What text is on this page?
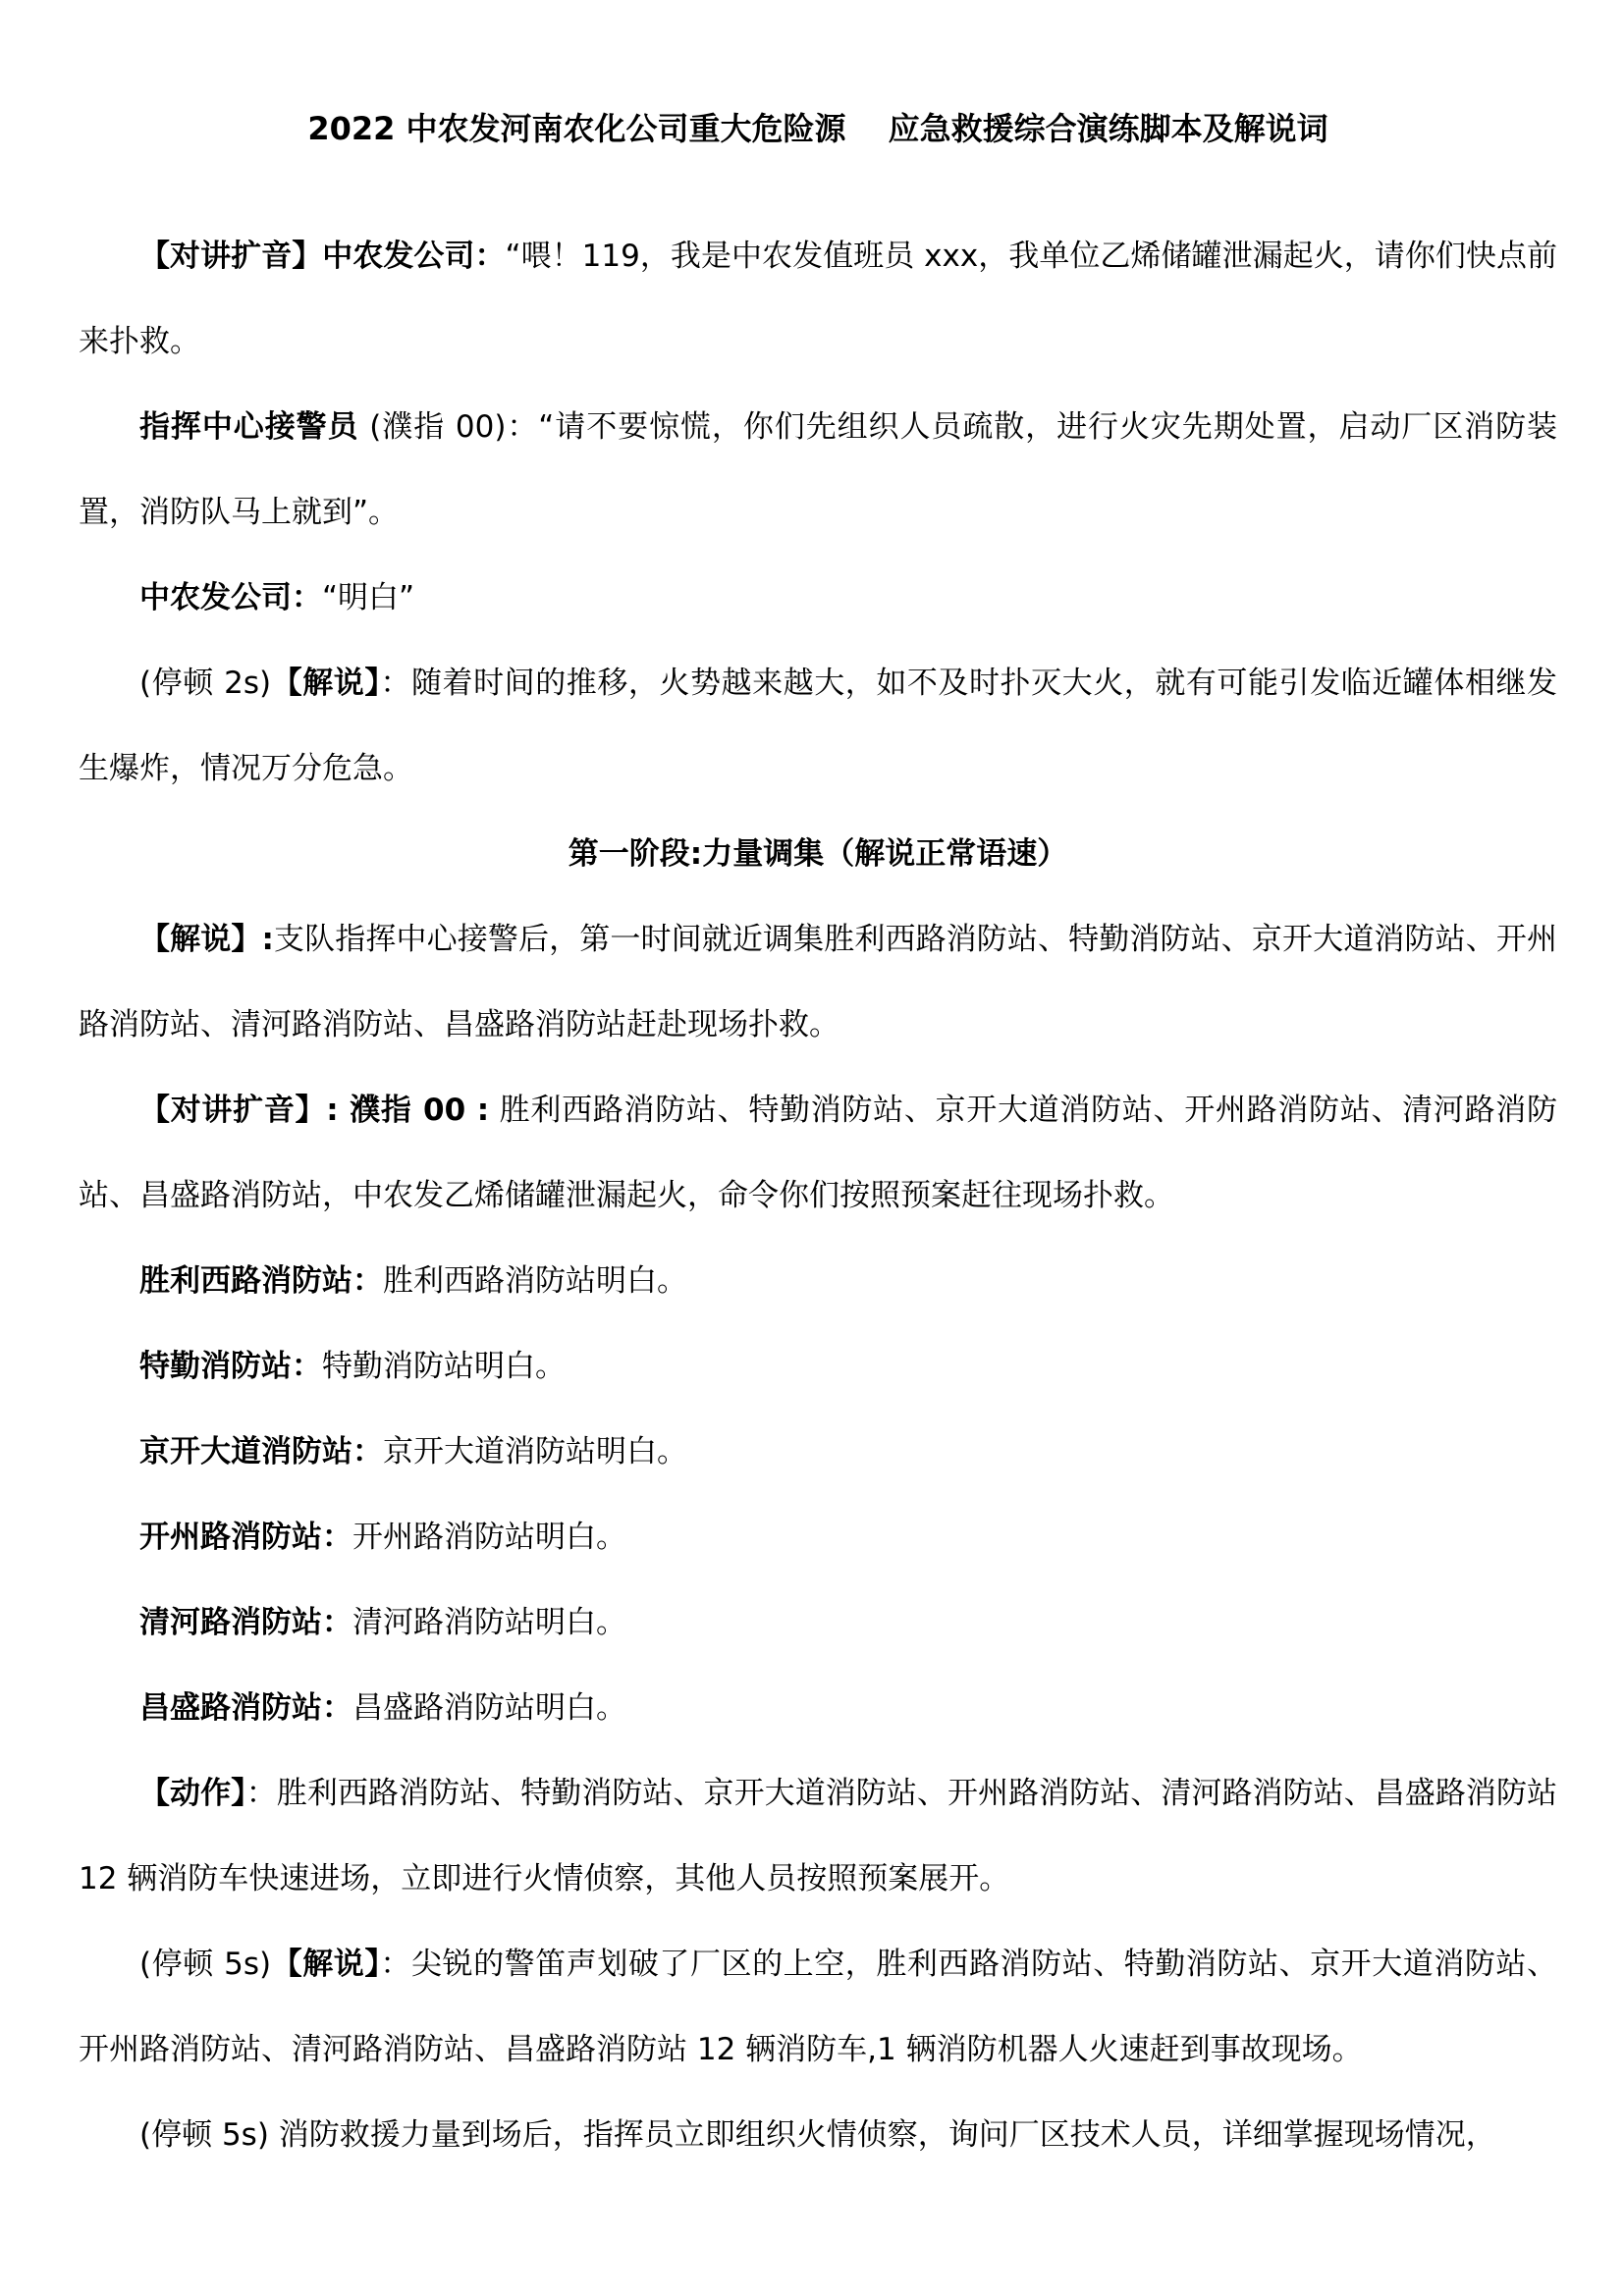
2022 中农发河南农化公司重大危险源　 应急救援综合演练脚本及解说词

【对讲扩音】中农发公司：“喂！119，我是中农发值班员 xxx，我单位乙烯储罐泄漏起火，请你们快点前来扑救。

指挥中心接警员 (濮指 00)：“请不要惊慌，你们先组织人员疏散，进行火灾先期处置，启动厂区消防装置，消防队马上就到”。

中农发公司：“明白”

(停顿 2s)【解说】：随着时间的推移，火势越来越大，如不及时扑灭大火，就有可能引发临近罐体相继发生爆炸，情况万分危急。

第一阶段:力量调集（解说正常语速）

【解说】:支队指挥中心接警后，第一时间就近调集胜利西路消防站、特勤消防站、京开大道消防站、开州路消防站、清河路消防站、昌盛路消防站赶赴现场扑救。

【对讲扩音】: 濮指 00 : 胜利西路消防站、特勤消防站、京开大道消防站、开州路消防站、清河路消防站、昌盛路消防站，中农发乙烯储罐泄漏起火，命令你们按照预案赶往现场扑救。

胜利西路消防站：胜利西路消防站明白。

特勤消防站：特勤消防站明白。

京开大道消防站：京开大道消防站明白。

开州路消防站：开州路消防站明白。

清河路消防站：清河路消防站明白。

昌盛路消防站：昌盛路消防站明白。

【动作】：胜利西路消防站、特勤消防站、京开大道消防站、开州路消防站、清河路消防站、昌盛路消防站 12 辆消防车快速进场，立即进行火情侦察，其他人员按照预案展开。

(停顿 5s)【解说】：尖锐的警笛声划破了厂区的上空，胜利西路消防站、特勤消防站、京开大道消防站、开州路消防站、清河路消防站、昌盛路消防站 12 辆消防车,1 辆消防机器人火速赶到事故现场。

(停顿 5s) 消防救援力量到场后，指挥员立即组织火情侦察，询问厂区技术人员，详细掌握现场情况，
